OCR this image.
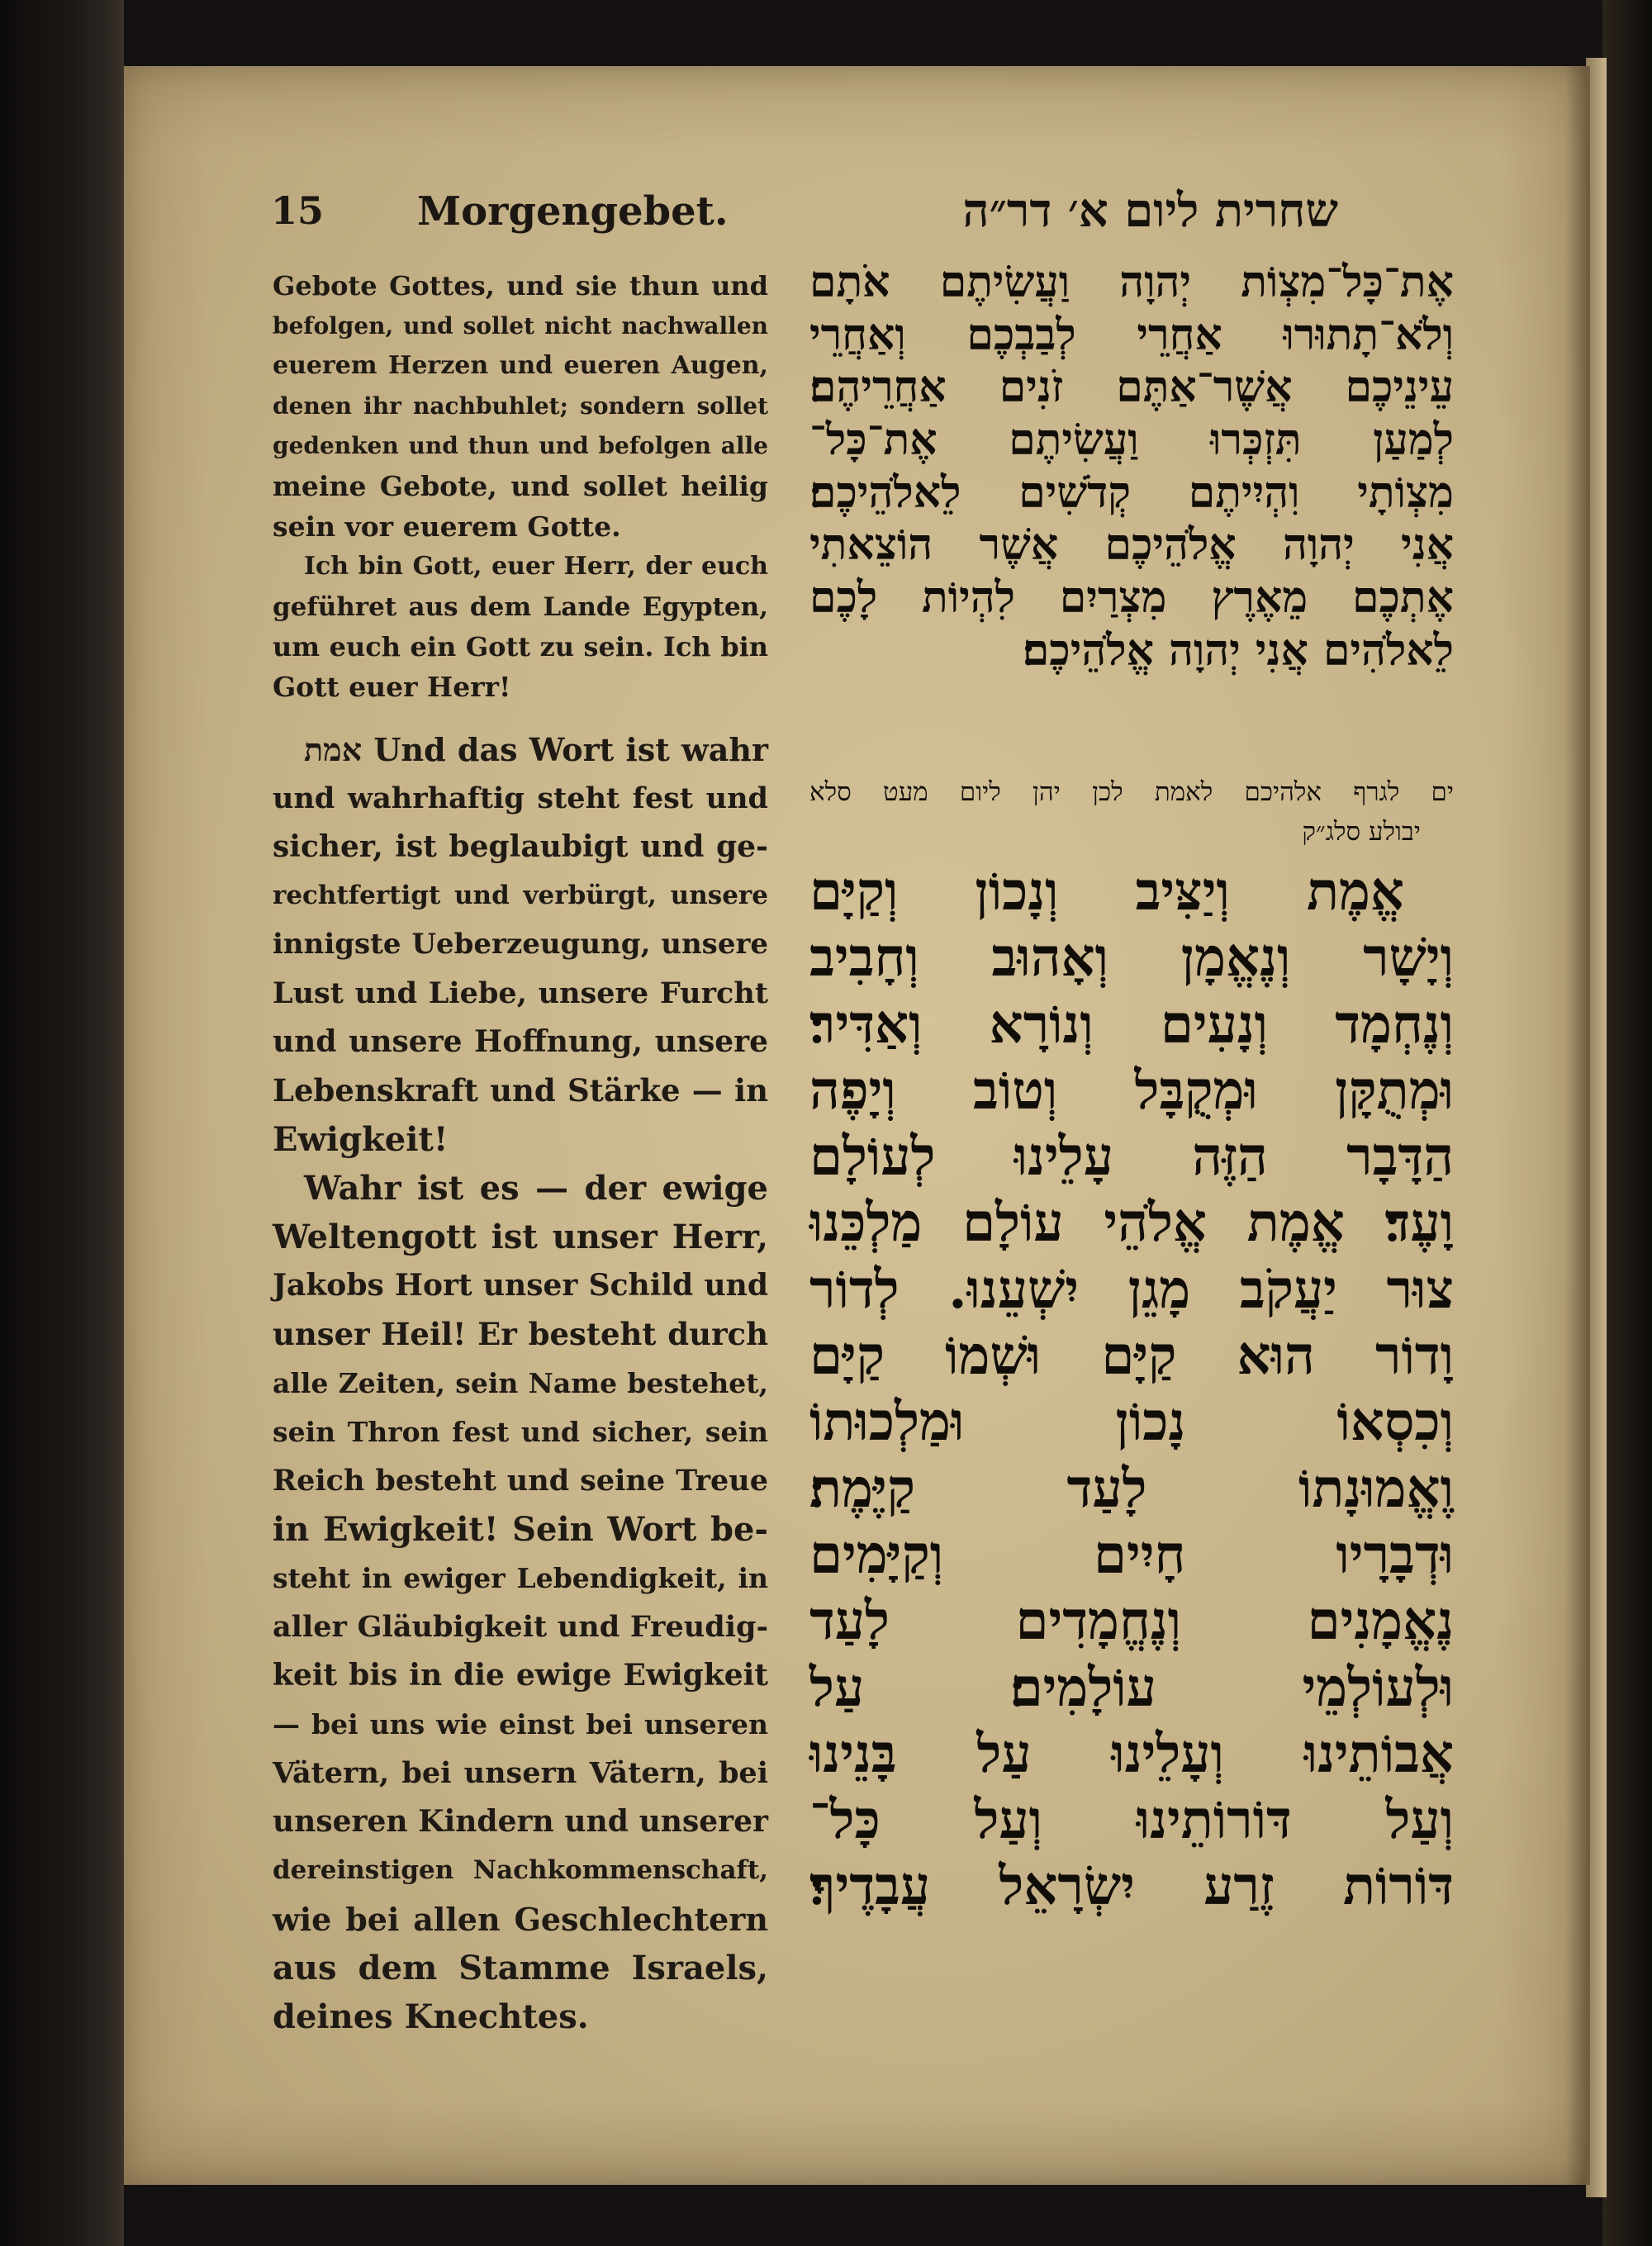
15 Morgengebet.	שחרית ליום א׳ דר״ה
Gebote Gottes, und sie thun und
befolgen, und sollet nicht nachwallen
euerem Herzen und eueren Augen,
denen ihr nachbuhlet; sondern sollet
gedenken und thun und befolgen alle
meine Gebote, und sollet heilig
sein vor euerem Gotte.
Ich bin Gott, euer Herr, der euch
geführet aus dem Lande Egypten,
um euch ein Gott zu sein. Ich bin
Gott euer Herr!
אמת Und das Wort ist wahr
und wahrhaftig steht fest und
sicher, ist beglaubigt und ge-
rechtfertigt und verbürgt, unsere
innigste Ueberzeugung, unsere
Lust und Liebe, unsere Furcht
und unsere Hoffnung, unsere
Lebenskraft und Stärke — in
Ewigkeit!
Wahr ist es — der ewige
Weltengott ist unser Herr,
Jakobs Hort unser Schild und
unser Heil! Er besteht durch
alle Zeiten, sein Name bestehet,
sein Thron fest und sicher, sein
Reich besteht und seine Treue
in Ewigkeit! Sein Wort be-
steht in ewiger Lebendigkeit, in
aller Gläubigkeit und Freudig-
keit bis in die ewige Ewigkeit
— bei uns wie einst bei unseren
Vätern, bei unsern Vätern, bei
unseren Kindern und unserer
dereinstigen Nachkommenschaft,
wie bei allen Geschlechtern
aus dem Stamme Israels,
deines Knechtes.
אֶת־כָּל־מִצְוֹת יְהוָה וַעֲשִׂיתֶם אֹתָם
וְלֹא־תָתוּרוּ אַחֲרֵי לְבַבְכֶם וְאַחֲרֵי
עֵינֵיכֶם אֲשֶׁר־אַתֶּם זֹנִים אַחֲרֵיהֶם׃
לְמַעַן תִּזְכְּרוּ וַעֲשִׂיתֶם אֶת־כָּל־
מִצְוֹתָי וִהְיִיתֶם קְדֹשִׁים לֵאלֹהֵיכֶם׃
אֲנִי יְהוָה אֱלֹהֵיכֶם אֲשֶׁר הוֹצֵאתִי
אֶתְכֶם מֵאֶרֶץ מִצְרַיִם לִהְיוֹת לָכֶם
לֵאלֹהִים אֲנִי יְהוָה אֱלֹהֵיכֶם׃
ים לגרף אלהיכם לאמת לכן יהן ליום מעט סלא
יבולע סלג״ק
אֱמֶת וְיַצִּיב וְנָכוֹן וְקַיָּם
וְיָשָׁר וְנֶאֱמָן וְאָהוּב וְחָבִיב
וְנֶחְמָד וְנָעִים וְנוֹרָא וְאַדִּיר׃
וּמְתֻקָּן וּמְקֻבָּל וְטוֹב וְיָפֶה
הַדָּבָר הַזֶּה עָלֵינוּ לְעוֹלָם
וָעֶד׃ אֱמֶת אֱלֹהֵי עוֹלָם מַלְכֵּנוּ
צוּר יַעֲקֹב מָגֵן יִשְׁעֵנוּ. לְדוֹר
וָדוֹר הוּא קַיָּם וּשְׁמוֹ קַיָּם
וְכִסְאוֹ נָכוֹן וּמַלְכוּתוֹ
וֶאֱמוּנָתוֹ לָעַד קַיֶּמֶת׃
וּדְבָרָיו חָיִים וְקַיָּמִים
נֶאֱמָנִים וְנֶחֱמָדִים לָעַד
וּלְעוֹלְמֵי עוֹלָמִים׃ עַל
אֲבוֹתֵינוּ וְעָלֵינוּ עַל בָּנֵינוּ
וְעַל דּוֹרוֹתֵינוּ וְעַל כָּל־
דּוֹרוֹת זֶרַע יִשְׂרָאֵל עֲבָדֶיךָ׃
